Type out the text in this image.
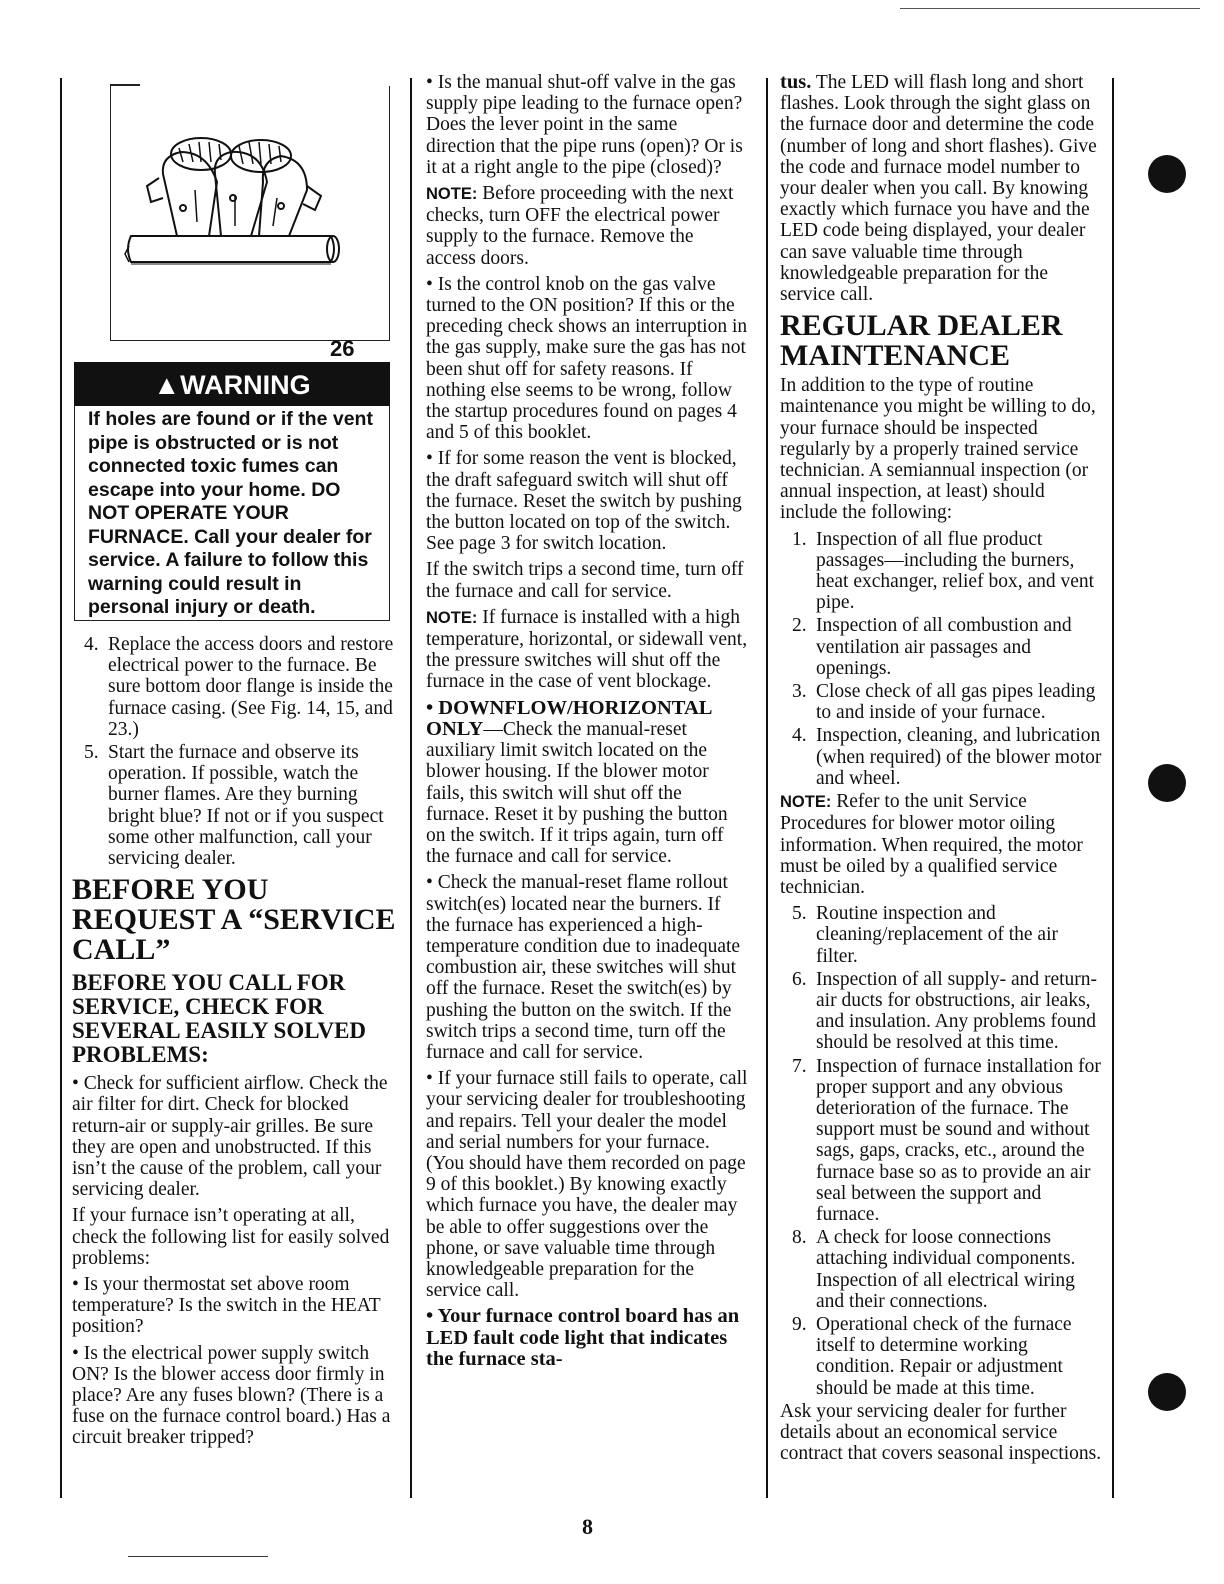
26
▲WARNING
If holes are found or if the vent pipe is obstructed or is not connected toxic fumes can escape into your home. DO NOT OPERATE YOUR FURNACE. Call your dealer for service. A failure to follow this warning could result in personal injury or death.
4. Replace the access doors and restore electrical power to the furnace. Be sure bottom door flange is inside the furnace casing. (See Fig. 14, 15, and 23.)
5. Start the furnace and observe its operation. If possible, watch the burner flames. Are they burning bright blue? If not or if you suspect some other malfunction, call your servicing dealer.
BEFORE YOU REQUEST A “SERVICE CALL”
BEFORE YOU CALL FOR SERVICE, CHECK FOR SEVERAL EASILY SOLVED PROBLEMS:

• Check for sufficient airflow. Check the air filter for dirt. Check for blocked return-air or supply-air grilles. Be sure they are open and unobstructed. If this isn’t the cause of the problem, call your servicing dealer.

If your furnace isn’t operating at all, check the following list for easily solved problems:

• Is your thermostat set above room temperature? Is the switch in the HEAT position?

• Is the electrical power supply switch ON? Is the blower access door firmly in place? Are any fuses blown? (There is a fuse on the furnace control board.) Has a circuit breaker tripped?

• Is the manual shut-off valve in the gas supply pipe leading to the furnace open? Does the lever point in the same direction that the pipe runs (open)? Or is it at a right angle to the pipe (closed)?

NOTE: Before proceeding with the next checks, turn OFF the electrical power supply to the furnace. Remove the access doors.

• Is the control knob on the gas valve turned to the ON position? If this or the preceding check shows an interruption in the gas supply, make sure the gas has not been shut off for safety reasons. If nothing else seems to be wrong, follow the startup procedures found on pages 4 and 5 of this booklet.

• If for some reason the vent is blocked, the draft safeguard switch will shut off the furnace. Reset the switch by pushing the button located on top of the switch. See page 3 for switch location.

If the switch trips a second time, turn off the furnace and call for service.

NOTE: If furnace is installed with a high temperature, horizontal, or sidewall vent, the pressure switches will shut off the furnace in the case of vent blockage.

• DOWNFLOW/HORIZONTAL ONLY—Check the manual-reset auxiliary limit switch located on the blower housing. If the blower motor fails, this switch will shut off the furnace. Reset it by pushing the button on the switch. If it trips again, turn off the furnace and call for service.

• Check the manual-reset flame rollout switch(es) located near the burners. If the furnace has experienced a high-temperature condition due to inadequate combustion air, these switches will shut off the furnace. Reset the switch(es) by pushing the button on the switch. If the switch trips a second time, turn off the furnace and call for service.

• If your furnace still fails to operate, call your servicing dealer for troubleshooting and repairs. Tell your dealer the model and serial numbers for your furnace. (You should have them recorded on page 9 of this booklet.) By knowing exactly which furnace you have, the dealer may be able to offer suggestions over the phone, or save valuable time through knowledgeable preparation for the service call.

• Your furnace control board has an LED fault code light that indicates the furnace sta-

tus. The LED will flash long and short flashes. Look through the sight glass on the furnace door and determine the code (number of long and short flashes). Give the code and furnace model number to your dealer when you call. By knowing exactly which furnace you have and the LED code being displayed, your dealer can save valuable time through knowledgeable preparation for the service call.

REGULAR DEALER MAINTENANCE

In addition to the type of routine maintenance you might be willing to do, your furnace should be inspected regularly by a properly trained service technician. A semiannual inspection (or annual inspection, at least) should include the following:

1. Inspection of all flue product passages—including the burners, heat exchanger, relief box, and vent pipe.
2. Inspection of all combustion and ventilation air passages and openings.
3. Close check of all gas pipes leading to and inside of your furnace.
4. Inspection, cleaning, and lubrication (when required) of the blower motor and wheel.

NOTE: Refer to the unit Service Procedures for blower motor oiling information. When required, the motor must be oiled by a qualified service technician.

5. Routine inspection and cleaning/replacement of the air filter.
6. Inspection of all supply- and return-air ducts for obstructions, air leaks, and insulation. Any problems found should be resolved at this time.
7. Inspection of furnace installation for proper support and any obvious deterioration of the furnace. The support must be sound and without sags, gaps, cracks, etc., around the furnace base so as to provide an air seal between the support and furnace.
8. A check for loose connections attaching individual components. Inspection of all electrical wiring and their connections.
9. Operational check of the furnace itself to determine working condition. Repair or adjustment should be made at this time.

Ask your servicing dealer for further details about an economical service contract that covers seasonal inspections.

8
